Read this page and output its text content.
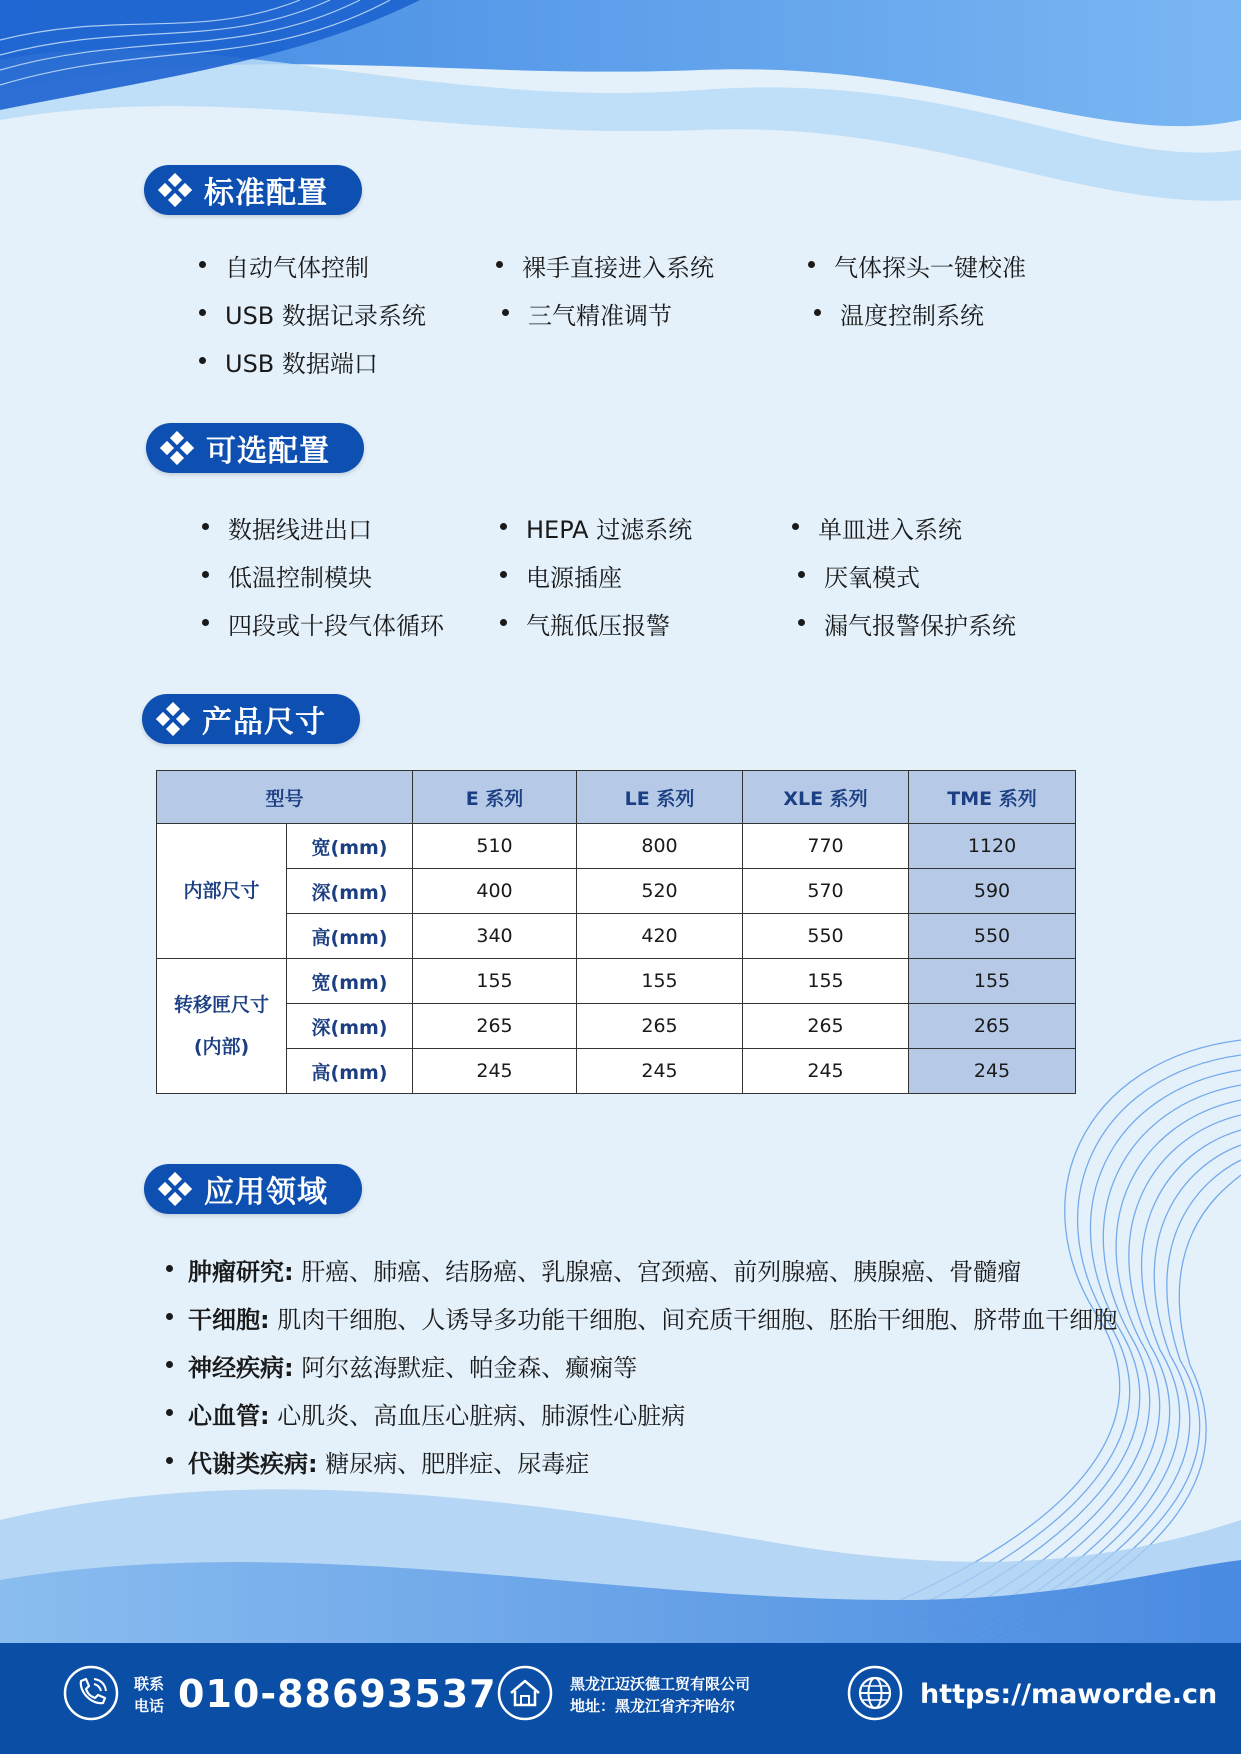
标准配置
自动气体控制	裸手直接进入系统	气体探头一键校准
USB 数据记录系统	三气精准调节	温度控制系统
USB 数据端口
可选配置
数据线进出口	HEPA 过滤系统	单皿进入系统
低温控制模块	电源插座	厌氧模式
四段或十段气体循环	气瓶低压报警	漏气报警保护系统
产品尺寸
型号		E 系列	LE 系列	XLE 系列	TME 系列
内部尺寸	宽(mm)	510	800	770	1120
	深(mm)	400	520	570	590
	高(mm)	340	420	550	550

转移匣尺寸
(内部)	宽(mm)	155	155	155	155
	深(mm)	265	265	265	265
	高(mm)	245	245	245	245
应用领域
肿瘤研究: 肝癌、肺癌、结肠癌、乳腺癌、宫颈癌、前列腺癌、胰腺癌、骨髓瘤
干细胞: 肌肉干细胞、人诱导多功能干细胞、间充质干细胞、胚胎干细胞、脐带血干细胞
神经疾病: 阿尔兹海默症、帕金森、癫痫等
心血管: 心肌炎、高血压心脏病、肺源性心脏病
代谢类疾病: 糖尿病、肥胖症、尿毒症
联系
电话 010-88693537	黑龙江迈沃德工贸有限公司
地址：黑龙江省齐齐哈尔	https://maworde.cn
